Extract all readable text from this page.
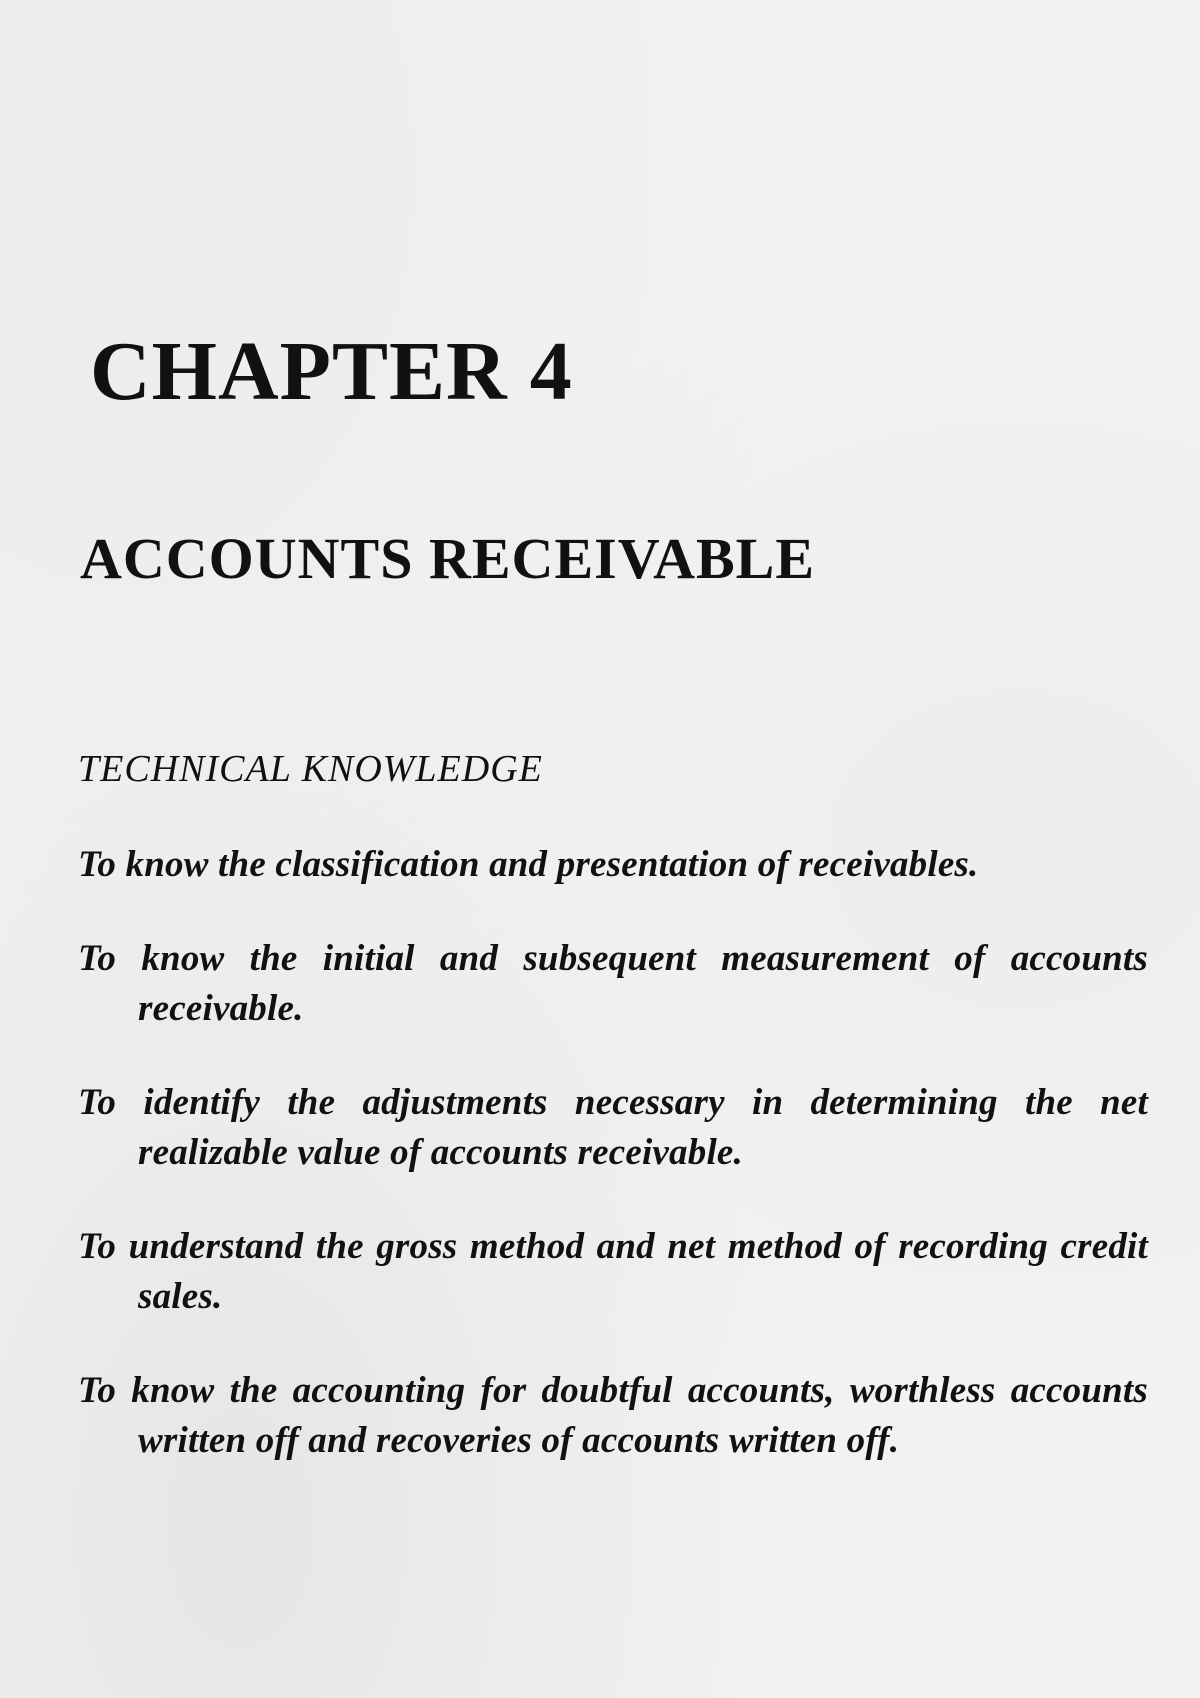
CHAPTER 4
ACCOUNTS RECEIVABLE
TECHNICAL KNOWLEDGE
To know the classification and presentation of receivables.
To know the initial and subsequent measurement of accounts receivable.
To identify the adjustments necessary in determining the net realizable value of accounts receivable.
To understand the gross method and net method of recording credit sales.
To know the accounting for doubtful accounts, worthless accounts written off and recoveries of accounts written off.
